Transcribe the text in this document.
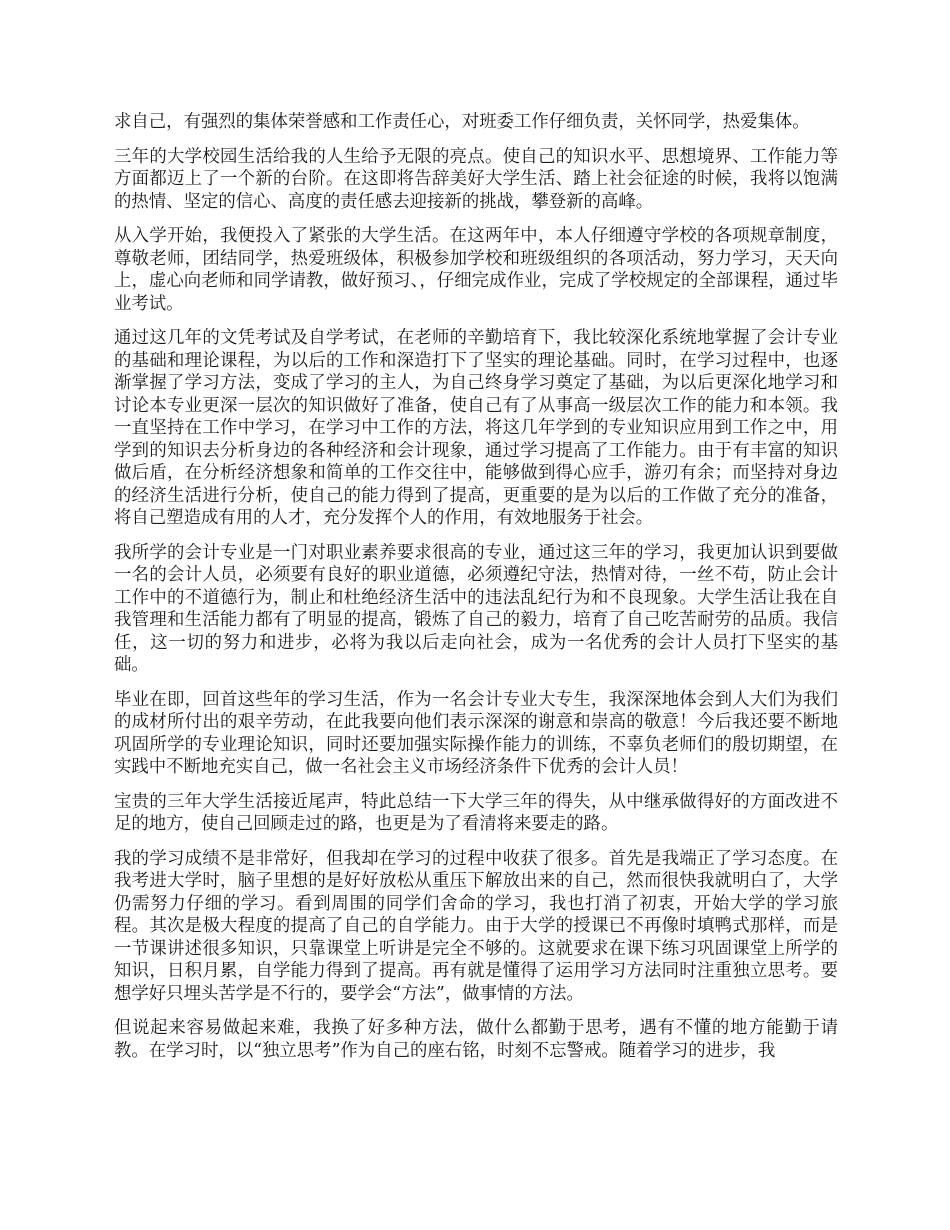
求自己，有强烈的集体荣誉感和工作责任心，对班委工作仔细负责，关怀同学，热爱集体。

三年的大学校园生活给我的人生给予无限的亮点。使自己的知识水平、思想境界、工作能力等方面都迈上了一个新的台阶。在这即将告辞美好大学生活、踏上社会征途的时候，我将以饱满的热情、坚定的信心、高度的责任感去迎接新的挑战，攀登新的高峰。

从入学开始，我便投入了紧张的大学生活。在这两年中，本人仔细遵守学校的各项规章制度，尊敬老师，团结同学，热爱班级体，积极参加学校和班级组织的各项活动，努力学习，天天向上，虚心向老师和同学请教，做好预习、，仔细完成作业，完成了学校规定的全部课程，通过毕业考试。

通过这几年的文凭考试及自学考试，在老师的辛勤培育下，我比较深化系统地掌握了会计专业的基础和理论课程，为以后的工作和深造打下了坚实的理论基础。同时，在学习过程中，也逐渐掌握了学习方法，变成了学习的主人，为自己终身学习奠定了基础，为以后更深化地学习和讨论本专业更深一层次的知识做好了准备，使自己有了从事高一级层次工作的能力和本领。我一直坚持在工作中学习，在学习中工作的方法，将这几年学到的专业知识应用到工作之中，用学到的知识去分析身边的各种经济和会计现象，通过学习提高了工作能力。由于有丰富的知识做后盾，在分析经济想象和简单的工作交往中，能够做到得心应手，游刃有余；而坚持对身边的经济生活进行分析，使自己的能力得到了提高，更重要的是为以后的工作做了充分的准备，将自己塑造成有用的人才，充分发挥个人的作用，有效地服务于社会。

我所学的会计专业是一门对职业素养要求很高的专业，通过这三年的学习，我更加认识到要做一名的会计人员，必须要有良好的职业道德，必须遵纪守法，热情对待，一丝不苟，防止会计工作中的不道德行为，制止和杜绝经济生活中的违法乱纪行为和不良现象。大学生活让我在自我管理和生活能力都有了明显的提高，锻炼了自己的毅力，培育了自己吃苦耐劳的品质。我信任，这一切的努力和进步，必将为我以后走向社会，成为一名优秀的会计人员打下坚实的基础。

毕业在即，回首这些年的学习生活，作为一名会计专业大专生，我深深地体会到人大们为我们的成材所付出的艰辛劳动，在此我要向他们表示深深的谢意和崇高的敬意！今后我还要不断地巩固所学的专业理论知识，同时还要加强实际操作能力的训练，不辜负老师们的殷切期望，在实践中不断地充实自己，做一名社会主义市场经济条件下优秀的会计人员！

宝贵的三年大学生活接近尾声，特此总结一下大学三年的得失，从中继承做得好的方面改进不足的地方，使自己回顾走过的路，也更是为了看清将来要走的路。

我的学习成绩不是非常好，但我却在学习的过程中收获了很多。首先是我端正了学习态度。在我考进大学时，脑子里想的是好好放松从重压下解放出来的自己，然而很快我就明白了，大学仍需努力仔细的学习。看到周围的同学们舍命的学习，我也打消了初衷，开始大学的学习旅程。其次是极大程度的提高了自己的自学能力。由于大学的授课已不再像时填鸭式那样，而是一节课讲述很多知识，只靠课堂上听讲是完全不够的。这就要求在课下练习巩固课堂上所学的知识，日积月累，自学能力得到了提高。再有就是懂得了运用学习方法同时注重独立思考。要想学好只埋头苦学是不行的，要学会“方法”，做事情的方法。

但说起来容易做起来难，我换了好多种方法，做什么都勤于思考，遇有不懂的地方能勤于请教。在学习时，以“独立思考”作为自己的座右铭，时刻不忘警戒。随着学习的进步，我
